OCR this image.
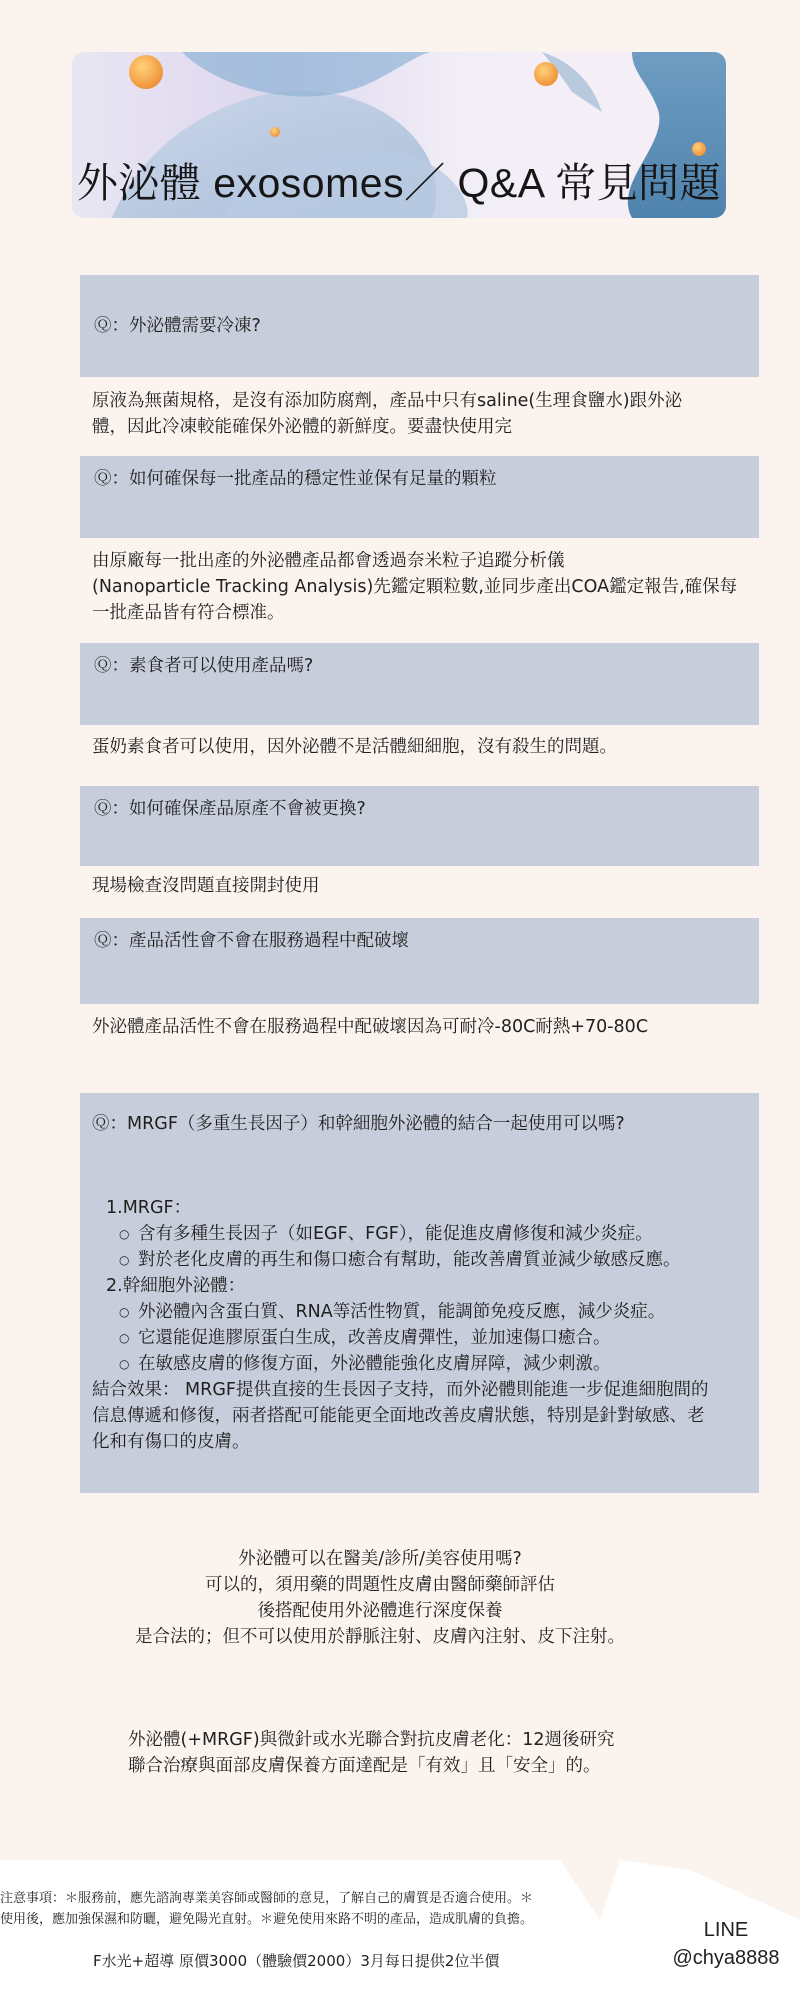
外泌體 exosomes／ Q&A 常見問題
Ⓠ：外泌體需要冷凍?
原液為無菌規格，是沒有添加防腐劑，產品中只有saline(生理食鹽水)跟外泌
體，因此冷凍較能確保外泌體的新鮮度。要盡快使用完
Ⓠ：如何確保每一批產品的穩定性並保有足量的顆粒
由原廠每一批出產的外泌體產品都會透過奈米粒子追蹤分析儀
(Nanoparticle Tracking Analysis)先鑑定顆粒數,並同步產出COA鑑定報告,確保每
一批產品皆有符合標准。
Ⓠ：素食者可以使用產品嗎?
蛋奶素食者可以使用，因外泌體不是活體細細胞，沒有殺生的問題。
Ⓠ：如何確保產品原產不會被更換?
現場檢查沒問題直接開封使用
Ⓠ：產品活性會不會在服務過程中配破壞
外泌體產品活性不會在服務過程中配破壞因為可耐冷-80C耐熱+70-80C
Ⓠ：MRGF（多重生長因子）和幹細胞外泌體的結合一起使用可以嗎?
1.MRGF：
○ 含有多種生長因子（如EGF、FGF），能促進皮膚修復和減少炎症。
○ 對於老化皮膚的再生和傷口癒合有幫助，能改善膚質並減少敏感反應。
2.幹細胞外泌體：
○ 外泌體內含蛋白質、RNA等活性物質，能調節免疫反應，減少炎症。
○ 它還能促進膠原蛋白生成，改善皮膚彈性，並加速傷口癒合。
○ 在敏感皮膚的修復方面，外泌體能強化皮膚屏障，減少刺激。
結合效果： MRGF提供直接的生長因子支持，而外泌體則能進一步促進細胞間的
信息傳遞和修復，兩者搭配可能能更全面地改善皮膚狀態，特別是針對敏感、老
化和有傷口的皮膚。
外泌體可以在醫美/診所/美容使用嗎?
可以的，須用藥的問題性皮膚由醫師藥師評估
後搭配使用外泌體進行深度保養
是合法的；但不可以使用於靜脈注射、皮膚內注射、皮下注射。
外泌體(+MRGF)與微針或水光聯合對抗皮膚老化：12週後研究
聯合治療與面部皮膚保養方面達配是「有效」且「安全」的。
注意事項：＊服務前，應先諮詢專業美容師或醫師的意見，了解自己的膚質是否適合使用。＊
使用後，應加強保濕和防曬，避免陽光直射。＊避免使用來路不明的產品，造成肌膚的負擔。
F水光+超導 原價3000（體驗價2000）3月每日提供2位半價
LINE
@chya8888
